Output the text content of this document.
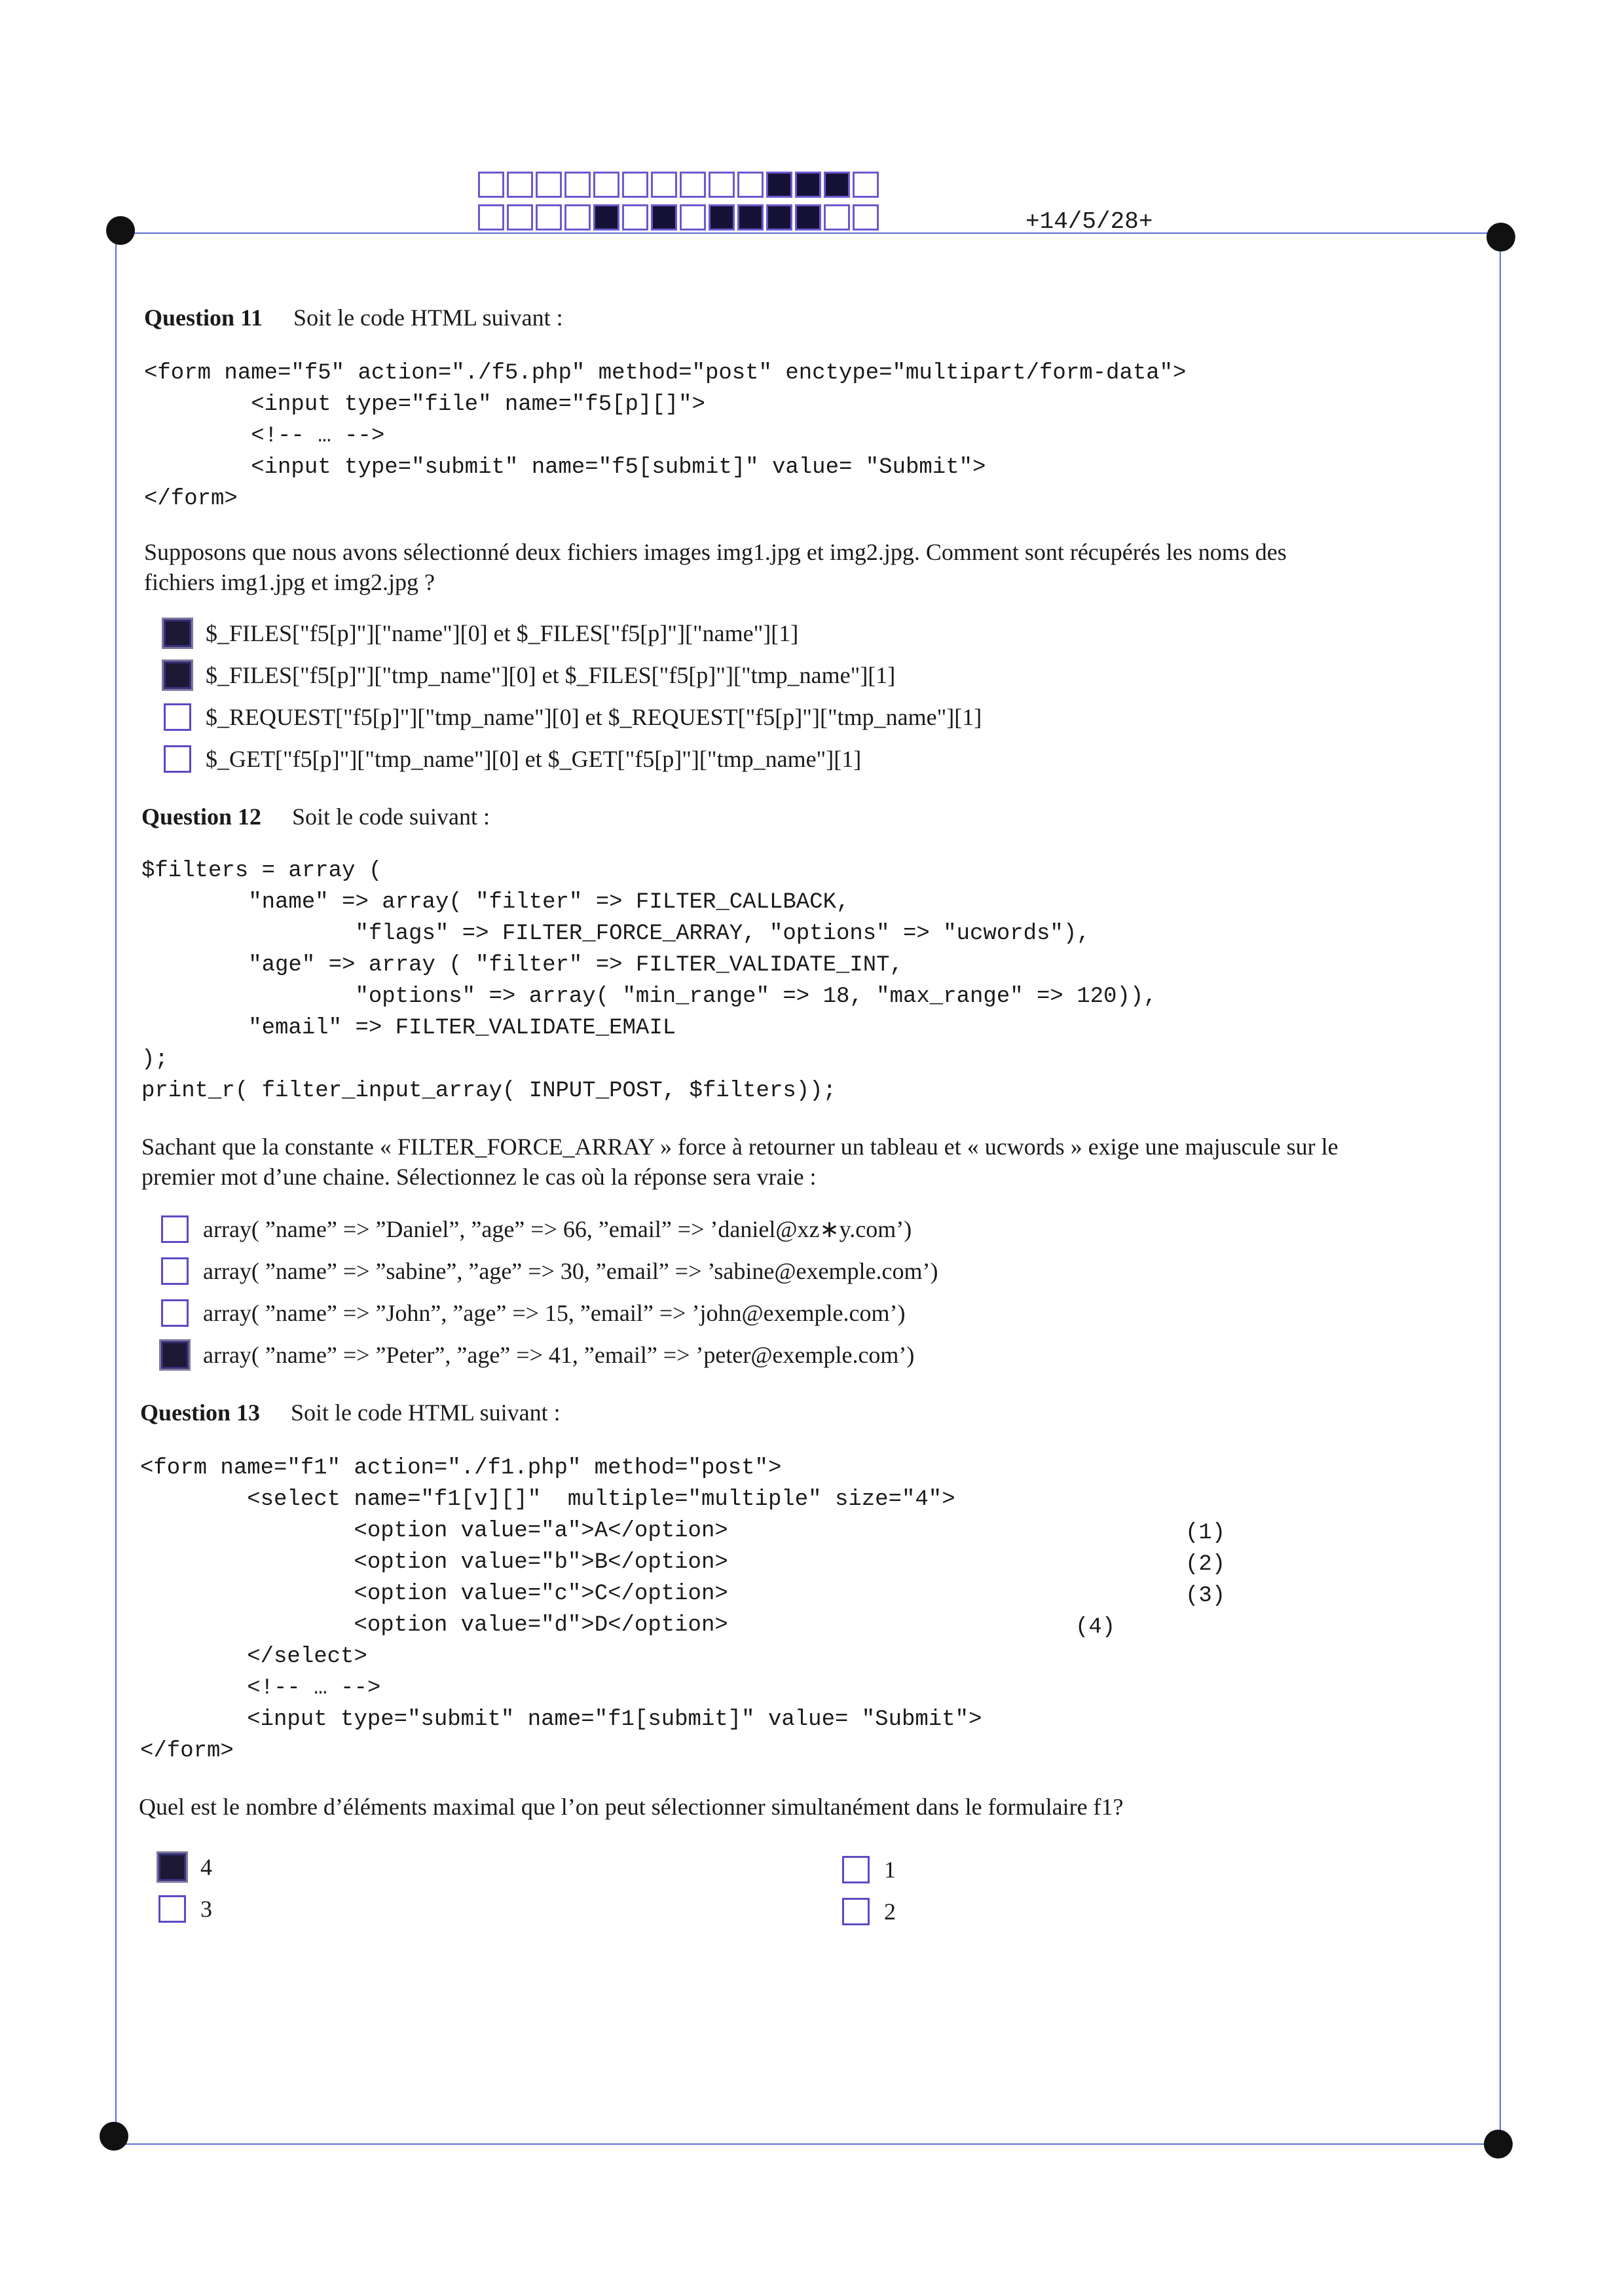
+14/5/28+
Question 11 Soit le code HTML suivant :
<form name="f5" action="./f5.php" method="post" enctype="multipart/form-data">
<input type="file" name="f5[p][]">
<!-- … -->
<input type="submit" name="f5[submit]" value= "Submit">
</form>
Supposons que nous avons sélectionné deux fichiers images img1.jpg et img2.jpg. Comment sont récupérés les noms des
fichiers img1.jpg et img2.jpg ?
$_FILES["f5[p]"]["name"][0] et $_FILES["f5[p]"]["name"][1]
$_FILES["f5[p]"]["tmp_name"][0] et $_FILES["f5[p]"]["tmp_name"][1]
$_REQUEST["f5[p]"]["tmp_name"][0] et $_REQUEST["f5[p]"]["tmp_name"][1]
$_GET["f5[p]"]["tmp_name"][0] et $_GET["f5[p]"]["tmp_name"][1]
Question 12 Soit le code suivant :
$filters = array (
"name" => array( "filter" => FILTER_CALLBACK,
"flags" => FILTER_FORCE_ARRAY, "options" => "ucwords"),
"age" => array ( "filter" => FILTER_VALIDATE_INT,
"options" => array( "min_range" => 18, "max_range" => 120)),
"email" => FILTER_VALIDATE_EMAIL
);
print_r( filter_input_array( INPUT_POST, $filters));
Sachant que la constante « FILTER_FORCE_ARRAY » force à retourner un tableau et « ucwords » exige une majuscule sur le
premier mot d’une chaine. Sélectionnez le cas où la réponse sera vraie :
array( ”name” => ”Daniel”, ”age” => 66, ”email” => ’daniel@xz∗y.com’)
array( ”name” => ”sabine”, ”age” => 30, ”email” => ’sabine@exemple.com’)
array( ”name” => ”John”, ”age” => 15, ”email” => ’john@exemple.com’)
array( ”name” => ”Peter”, ”age” => 41, ”email” => ’peter@exemple.com’)
Question 13 Soit le code HTML suivant :
<form name="f1" action="./f1.php" method="post">
<select name="f1[v][]"  multiple="multiple" size="4">
<option value="a">A</option>
<option value="b">B</option>
<option value="c">C</option>
<option value="d">D</option>
</select>
<!-- … -->
<input type="submit" name="f1[submit]" value= "Submit">
</form>
(1)
(2)
(3)
(4)
Quel est le nombre d’éléments maximal que l’on peut sélectionner simultanément dans le formulaire f1?
4
3
1
2
